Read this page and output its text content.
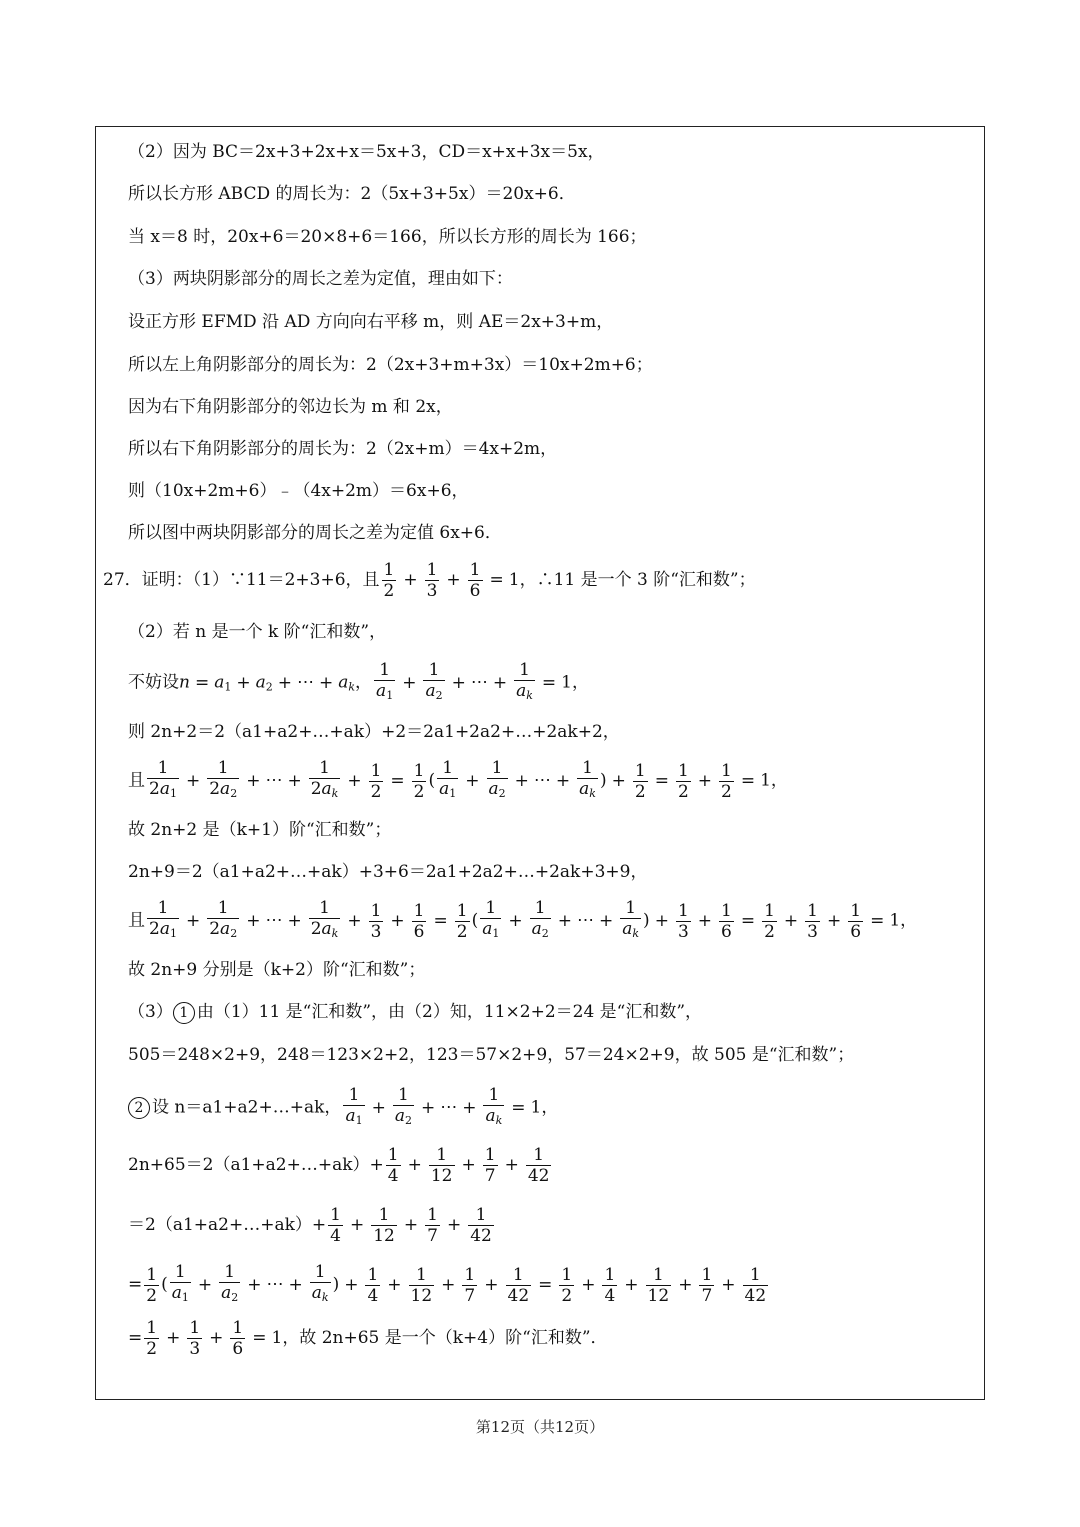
（2）因为 BC＝2x+3+2x+x＝5x+3，CD＝x+x+3x＝5x，
所以长方形 ABCD 的周长为：2（5x+3+5x）＝20x+6．
当 x＝8 时，20x+6＝20×8+6＝166，所以长方形的周长为 166；
（3）两块阴影部分的周长之差为定值，理由如下：
设正方形 EFMD 沿 AD 方向向右平移 m，则 AE＝2x+3+m，
所以左上角阴影部分的周长为：2（2x+3+m+3x）＝10x+2m+6；
因为右下角阴影部分的邻边长为 m 和 2x，
所以右下角阴影部分的周长为：2（2x+m）＝4x+2m，
则（10x+2m+6）﹣（4x+2m）＝6x+6，
所以图中两块阴影部分的周长之差为定值 6x+6．
27．证明：（1）∵11＝2+3+6，且 $\frac{1}{2} + \frac{1}{3} + \frac{1}{6} = 1$，∴11 是一个 3 阶“汇和数”；
（2）若 n 是一个 k 阶“汇和数”，
不妨设$n = a_1 + a_2$ + ⋯ + $a_k$， $\frac{1}{a_1} + \frac{1}{a_2}$ + ⋯ + $\frac{1}{a_k} = 1$，
则 2n+2＝2（a1+a2+…+ak）+2＝2a1+2a2+…+2ak+2，
且 $\frac{1}{2a_1} + \frac{1}{2a_2}$ + ⋯ + $\frac{1}{2a_k} + \frac{1}{2} = \frac{1}{2}$ ( $\frac{1}{a_1} + \frac{1}{a_2}$ + ⋯ + $\frac{1}{a_k}$ ) + $\frac{1}{2} = \frac{1}{2} + \frac{1}{2} = 1$，
故 2n+2 是（k+1）阶“汇和数”；
2n+9＝2（a1+a2+…+ak）+3+6＝2a1+2a2+…+2ak+3+9，
且 $\frac{1}{2a_1} + \frac{1}{2a_2}$ + ⋯ + $\frac{1}{2a_k} + \frac{1}{3} + \frac{1}{6} = \frac{1}{2}$ ( $\frac{1}{a_1} + \frac{1}{a_2}$ + ⋯ + $\frac{1}{a_k}$ ) + $\frac{1}{3} + \frac{1}{6} = \frac{1}{2} + \frac{1}{3} + \frac{1}{6} = 1$，
故 2n+9 分别是（k+2）阶“汇和数”；
（3） 1 由（1）11 是“汇和数”，由（2）知，11×2+2＝24 是“汇和数”，
505＝248×2+9，248＝123×2+2，123＝57×2+9，57＝24×2+9，故 505 是“汇和数”；
2 设 n＝a1+a2+…+ak， $\frac{1}{a_1} + \frac{1}{a_2}$ + ⋯ + $\frac{1}{a_k} = 1$，
2n+65＝2（a1+a2+…+ak）+ $\frac{1}{4} + \frac{1}{12} + \frac{1}{7} + \frac{1}{42}$
＝2（a1+a2+…+ak）+ $\frac{1}{4} + \frac{1}{12} + \frac{1}{7} + \frac{1}{42}$
= $\frac{1}{2}$ ( $\frac{1}{a_1} + \frac{1}{a_2}$ + ⋯ + $\frac{1}{a_k}$ ) + $\frac{1}{4} + \frac{1}{12} + \frac{1}{7} + \frac{1}{42} = \frac{1}{2} + \frac{1}{4} + \frac{1}{12} + \frac{1}{7} + \frac{1}{42}$
= $\frac{1}{2} + \frac{1}{3} + \frac{1}{6} = 1$，故 2n+65 是一个（k+4）阶“汇和数”．
第12页（共12页）
